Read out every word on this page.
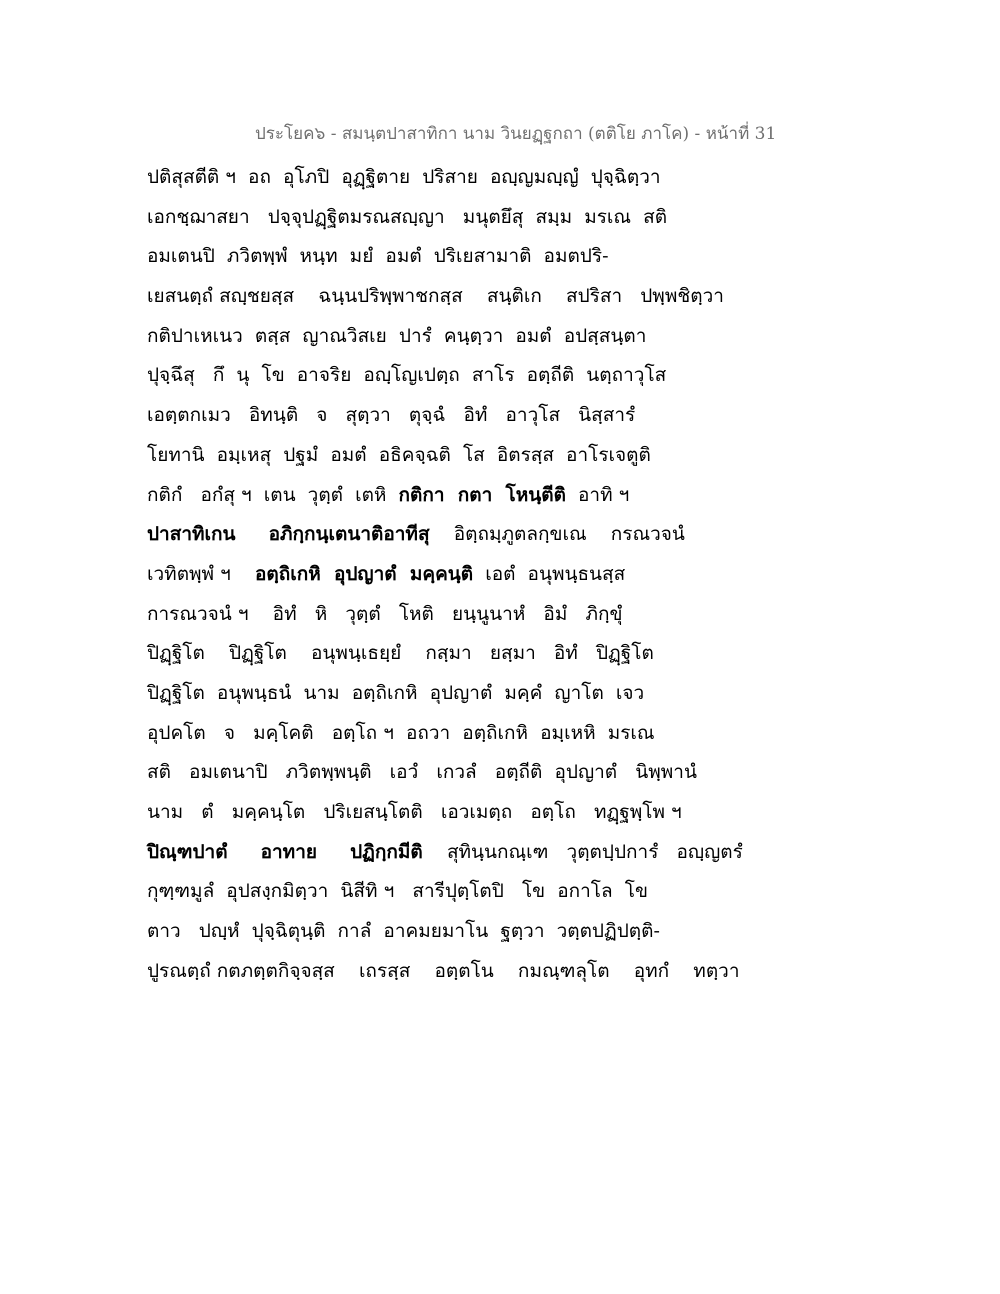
ประโยค๖ - สมนฺตปาสาทิกา นาม วินยฏฺฐกถา (ตติโย ภาโค) - หน้าที่ 31
ปติสุสตีติ ฯ  อถ  อุโภปิ  อุฏฺฐิตาย  ปริสาย  อญฺญมญฺญํ  ปุจฺฉิตฺวา
เอกชฺฌาสยา   ปจฺจุปฏฺฐิตมรณสญฺญา   มนุตยึสุ  สมฺม  มรเณ  สติ
อมเตนปิ  ภวิตพฺพํ  หนฺท  มยํ  อมตํ  ปริเยสามาติ  อมตปริ-
เยสนตฺถํ สญฺชยสฺส    ฉนฺนปริพฺพาชกสฺส    สนฺติเก    สปริสา   ปพฺพชิตฺวา
กติปาเหเนว  ตสฺส  ญาณวิสเย  ปารํ  คนฺตฺวา  อมตํ  อปสฺสนฺตา
ปุจฺฉึสุ   กึ  นุ  โข  อาจริย  อญฺโญเปตฺถ  สาโร  อตฺถีติ  นตฺถาวุโส
เอตฺตกเมว   อิทนฺติ   จ   สุตฺวา   ตุจฺฉํ   อิทํ   อาวุโส   นิสฺสารํ
โยทานิ  อมฺเหสุ  ปฐมํ  อมตํ  อธิคจฺฉติ  โส  อิตรสฺส  อาโรเจตูติ
กติกํ   อกํสุ ฯ  เตน  วุตฺตํ  เตหิ  กติกา  กตา  โหนฺตีติ  อาทิ ฯ
ปาสาทิเกน     อภิกฺกนฺเตนาติอาทีสุ    อิตฺถมฺภูตลกฺขเณ    กรณวจนํ
เวทิตพฺพํ ฯ    อตฺถิเกหิ  อุปญาตํ  มคฺคนฺติ  เอตํ  อนุพนฺธนสฺส
การณวจนํ ฯ    อิทํ   หิ   วุตฺตํ   โหติ   ยนฺนูนาหํ   อิมํ   ภิกฺขุํ
ปิฏฺฐิโต    ปิฏฺฐิโต    อนุพนฺเธยฺยํ    กสฺมา   ยสฺมา   อิทํ   ปิฏฺฐิโต
ปิฏฺฐิโต  อนุพนฺธนํ  นาม  อตฺถิเกหิ  อุปญาตํ  มคฺคํ  ญาโต  เจว
อุปคโต   จ   มคฺโคติ   อตฺโถ ฯ  อถวา  อตฺถิเกหิ  อมฺเหหิ  มรเณ
สติ   อมเตนาปิ   ภวิตพฺพนฺติ   เอวํ   เกวลํ   อตฺถีติ  อุปญาตํ   นิพฺพานํ
นาม   ตํ   มคฺคนฺโต   ปริเยสนฺโตติ   เอวเมตฺถ   อตฺโถ   ทฏฺฐพฺโพ ฯ
ปิณฺฑปาตํ     อาทาย     ปฏิกฺกมีติ    สุทินฺนกณฺเฑ   วุตฺตปฺปการํ   อญฺญตรํ
กุฑฺฑมูลํ  อุปสงฺกมิตฺวา  นิสีทิ ฯ   สารีปุตฺโตปิ   โข  อกาโล  โข
ตาว   ปญฺหํ  ปุจฺฉิตุนฺติ  กาลํ  อาคมยมาโน  ฐตฺวา  วตฺตปฏิปตฺติ-
ปูรณตฺถํ กตภตฺตกิจฺจสฺส    เถรสฺส    อตฺตโน    กมณฺฑลุโต    อุทกํ    ทตฺวา
